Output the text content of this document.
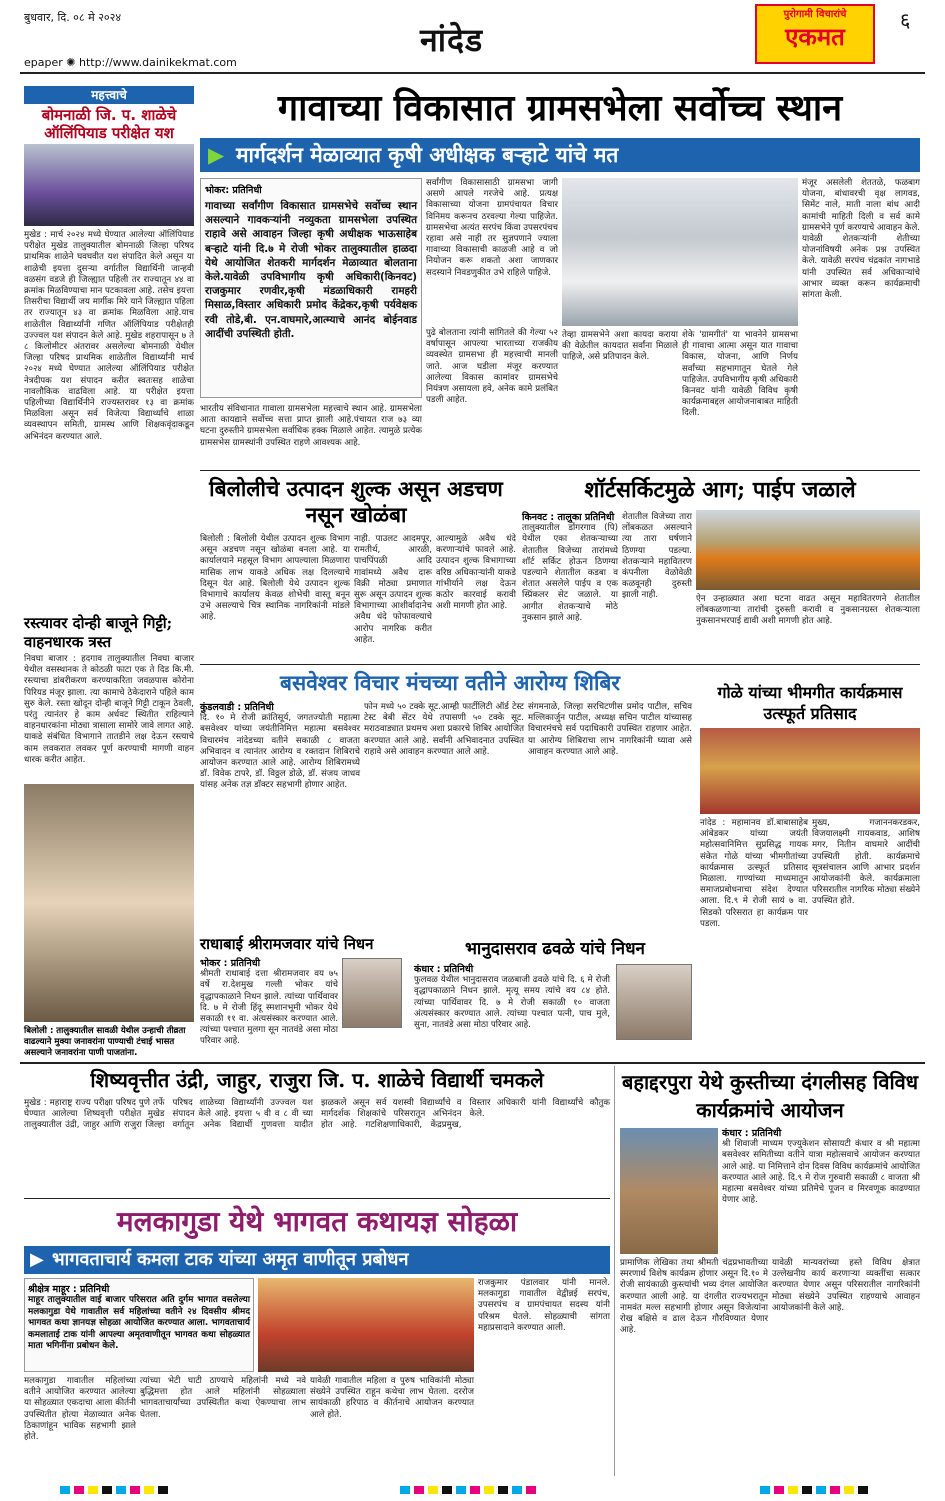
बुधवार, दि. ०८ मे २०२४
epaper ✺ http://www.dainikekmat.com
नांदेड
पुरोगामी विचारांचे
एकमत
६
महत्त्वाचे
बोमनाळी जि. प. शाळेचे ऑलिंपियाड परीक्षेत यश
मुखेड : मार्च २०२४ मध्ये घेण्यात आलेल्या ऑलिंपियाड परीक्षेत मुखेड तालुक्यातील बोमनाळी जिल्हा परिषद प्राथमिक शाळेने घवघवीत यश संपादित केले असून या शाळेची इयत्ता दुसऱ्या वर्गातील विद्यार्थिनी जान्हवी वळसंग वडजे ही जिल्ह्यात पहिली तर राज्यातून ४४ वा क्रमांक मिळविण्याचा मान पटकावला आहे. तसेच इयत्ता तिसरीचा विद्यार्थी जय मार्गीक मिरे याने जिल्ह्यात पहिला तर राज्यातून ४३ वा क्रमांक मिळविला आहे.याच शाळेतील विद्यार्थ्यांनी गणित ऑलिंपियाड परीक्षेतही उज्ज्वल यश संपादन केले आहे. मुखेड शहरापासून ७ ते ८ किलोमीटर अंतरावर असलेल्या बोमनाळी येथील जिल्हा परिषद प्राथमिक शाळेतील विद्यार्थ्यांनी मार्च २०२४ मध्ये घेण्यात आलेल्या ऑलिंपियाड परीक्षेत नेत्रदीपक यश संपादन करीत स्वतःसह शाळेचा नावलौकिक वाढविला आहे. या परीक्षेत इयत्ता पहिलीच्या विद्यार्थिनीने राज्यस्तरावर १३ वा क्रमांक मिळविला असून सर्व विजेत्या विद्यार्थ्यांचे शाळा व्यवस्थापन समिती, ग्रामस्थ आणि शिक्षकवृंदाकडून अभिनंदन करण्यात आले.
रस्त्यावर दोन्ही बाजूने गिट्टी; वाहनधारक त्रस्त
निवघा बाजार : हदगाव तालुक्यातील निवघा बाजार येथील वसस्थानक ते कोठळी फाटा एक ते दिड कि.मी. रस्त्याचा डांबरीकरण करण्याकरिता जवळपास कोरोना पिरियड मंजूर झाला. त्या कामाचे ठेकेदाराने पहिले काम सुरु केले. रस्ता खोदून दोन्ही बाजूने गिट्टी टाकून ठेवली, परंतु त्यानंतर हे काम अर्धवट स्थितीत राहिल्याने वाहनधारकांना मोठ्या त्रासाला सामोरे जावे लागत आहे. याकडे संबंधित विभागाने तातडीने लक्ष देऊन रस्त्याचे काम लवकरात लवकर पूर्ण करण्याची मागणी वाहन धारक करीत आहेत.
गावाच्या विकासात ग्रामसभेला सर्वोच्च स्थान
▶ मार्गदर्शन मेळाव्यात कृषी अधीक्षक बऱ्हाटे यांचे मत
भोकर: प्रतिनिधी
गावाच्या सर्वांगीण विकासात ग्रामसभेचे सर्वोच्च स्थान असल्याने गावकऱ्यांनी नव्युकता ग्रामसभेला उपस्थित राहावे असे आवाहन जिल्हा कृषी अधीक्षक भाऊसाहेब बऱ्हाटे यांनी दि.७ मे रोजी भोकर तालुक्यातील हाळदा येथे आयोजित शेतकरी मार्गदर्शन मेळाव्यात बोलताना केले.यावेळी उपविभागीय कृषी अधिकारी(किनवट) राजकुमार रणवीर,कृषी मंडळाधिकारी रामहरी मिसाळ,विस्तार अधिकारी प्रमोद केंद्रेकर,कृषी पर्यवेक्षक रवी तोडे,बी. एन.वाघमारे,आत्म्याचे आनंद बोईनवाड आदींची उपस्थिती होती.
भारतीय संविधानात गावाला ग्रामसभेला महत्त्वाचे स्थान आहे. ग्रामसभेला आता कायद्याने सर्वोच्च सत्ता प्राप्त झाली आहे.पंचायत राज ७३ व्या घटना दुरुस्तीने ग्रामसभेला सर्वाधिक हक्क मिळाले आहेत. त्यामुळे प्रत्येक ग्रामसभेस ग्रामस्थांनी उपस्थित राहणे आवश्यक आहे.
सर्वांगीण विकासासाठी ग्रामसभा जागी असणे आपले गरजेचे आहे. प्रत्यक्ष विकासाच्या योजना ग्रामपंचायत विचार विनिमय करूनच ठरवल्या गेल्या पाहिजेत. ग्रामसभेचा अत्यंत सरपंच किंवा उपसरपंचच रहावा असे नाही तर सुज्ञपणाने ज्याला गावाच्या विकासाची काळजी आहे व जो नियोजन करू शकतो अशा जाणकार सदस्याने निवडणुकीत उभे राहिले पाहिजे.
पुढे बोलताना त्यांनी सांगितले की गेल्या ५२ वर्षापासून आपल्या भारताच्या राजकीय व्यवस्थेत ग्रामसभा ही महत्त्वाची मानली जाते. आज घडीला मंजूर करण्यात आलेल्या विकास कामांवर ग्रामसभेचे नियंत्रण असायला हवे, अनेक कामे प्रलंबित पडली आहेत.
तेव्हा ग्रामसभेने अशा कायदा कराया की वेळेतील कायदात सर्वांना मिळाले पाहिजे, असे प्रतिपादन केले.
शेके 'ग्रामगीतं' या भावनेने ग्रामसभा ही गावाचा आत्मा असून यात गावाचा विकास, योजना, आणि निर्णय सर्वांच्या सहभागातून घेतले गेले पाहिजेत. उपविभागीय कृषी अधिकारी किनवट यांनी यावेळी विविध कृषी कार्यक्रमाबद्दल आयोजनाबाबत माहिती दिली.
मंजूर असलेली शेततळे, फळबाग योजना, बांधावरची वृक्ष लागवड, सिमेंट नाले, माती नाला बांध आदी कामांची माहिती दिली व सर्व कामे ग्रामसभेने पूर्ण करण्याचे आवाहन केले. यावेळी शेतकऱ्यांनी शेतीच्या योजनांविषयी अनेक प्रश्न उपस्थित केले. यावेळी सरपंच चंद्रकांत नागभाडे यांनी उपस्थित सर्व अधिकाऱ्यांचे आभार व्यक्त करून कार्यक्रमाची सांगता केली.
बिलोलीचे उत्पादन शुल्क असून अडचण नसून खोळंबा
बिलोली : बिलोली येथील उत्पादन शुल्क विभाग असून अडचण नसून खोळंबा बनला आहे. या कार्यालयाने महसूल विभाग आपल्याला मिळणारा मासिक लाभ याकडे अधिक लक्ष दिलल्याचे दिसून येत आहे. बिलोली येथे उत्पादन शुल्क विभागाचे कार्यालय केवळ शोभेची वास्तू बनून उभे असल्याचे चित्र स्थानिक नागरिकांनी मांडले आहे.
नाही. पाउलट आदमपूर, रामतीर्थ, आरळी, पाचपिंपळी आदि गावांमध्ये अवैध दारू विक्री मोठ्या प्रमाणात सुरू असून उत्पादन शुल्क विभागाच्या आशीर्वादानेच अवैध धंदे फोफावल्याचे आरोप नागरिक करीत आहेत.
आल्यामुळे अवैध धंदे करणाऱ्यांचे फावले आहे. उत्पादन शुल्क विभागाच्या वरिष्ठ अधिकाऱ्यांनी याकडे गांभीर्याने लक्ष देऊन कठोर कारवाई करावी अशी मागणी होत आहे.
शॉर्टसर्किटमुळे आग; पाईप जळाले
किनवट : तालुका प्रतिनिधी
तालुक्यातील डोंगरगाव (पि) येथील एका शेतकऱ्याच्या शेतातील विजेच्या तारांमध्ये शॉर्ट सर्किट होऊन ठिणग्या पडल्याने शेतातील कडबा व शेतात असलेले पाईप व एक स्प्रिंकलर सेट जळाले. या आगीत शेतकऱ्याचे मोठे नुकसान झाले आहे.
शेतातील विजेच्या तारा लोंबकळत असल्याने त्या तारा घर्षणाने ठिणग्या पडल्या. शेतकऱ्याने महावितरण कंपनीला वेळोवेळी कळवूनही दुरुस्ती झाली नाही.	ऐन उन्हाळ्यात अशा घटना वाढत असून महावितरणने शेतातील लोंबकळणाऱ्या तारांची दुरुस्ती करावी व नुकसानग्रस्त शेतकऱ्याला नुकसानभरपाई द्यावी अशी मागणी होत आहे.
बसवेश्वर विचार मंचच्या वतीने आरोग्य शिबिर
कुंडलवाडी : प्रतिनिधी
दि. १० मे रोजी क्रांतिसूर्य, जगतज्योती महात्मा बसवेश्वर यांच्या जयंतीनिमित्त महात्मा बसवेश्वर विचारमंच नांदेडच्या वतीने सकाळी ८ वाजता अभिवादन व त्यानंतर आरोग्य व रक्तदान शिबिराचे आयोजन करण्यात आले आहे. आरोग्य शिबिरामध्ये डॉ. विवेक टापरे, डॉ. विठ्ठल डोळे, डॉ. संजय जाधव यांसह अनेक तज्ञ डॉक्टर सहभागी होणार आहेत.
फोन मध्ये ५० टक्के सूट.आम्ही फार्टीलिटी ऑर्ड टेस्ट टेस्ट बेबी सेंटर येथे तपासणी ५० टक्के सूट. मराठवाड्यात प्रथमच अशा प्रकारचे शिबिर आयोजित करण्यात आले आहे. सर्वांनी अभिवादनात उपस्थित राहावे असे आवाहन करण्यात आले आहे.
संगमनाळे, जिल्हा सरचिटणीस प्रमोद पाटील, सचिव मल्लिकार्जुन पाटील, अध्यक्ष सचिन पाटील यांच्यासह विचारमंचचे सर्व पदाधिकारी उपस्थित राहणार आहेत. या आरोग्य शिबिराचा लाभ नागरिकांनी घ्यावा असे आवाहन करण्यात आले आहे.
गोळे यांच्या भीमगीत कार्यक्रमास उत्स्फूर्त प्रतिसाद
नांदेड : महामानव डॉ.बाबासाहेब आंबेडकर यांच्या जयंती महोत्सवानिमित्त सुप्रसिद्ध गायक संकेत गोळे यांच्या भीमगीतांच्या कार्यक्रमास उत्स्फूर्त प्रतिसाद मिळाला. गाण्यांच्या माध्यमातून समाजप्रबोधनाचा संदेश देण्यात आला. दि.९ मे रोजी सायं ७ वा. सिडको परिसरात हा कार्यक्रम पार पडला.
मुख्य, गजाननकरडकर, विजयालक्ष्मी गायकवाड, आशिष मगर, नितीन वाघमारे आदींची उपस्थिती होती. कार्यक्रमाचे सूत्रसंचालन आणि आभार प्रदर्शन आयोजकांनी केले. कार्यक्रमाला परिसरातील नागरिक मोठ्या संख्येने उपस्थित होते.
राधाबाई श्रीरामजवार यांचे निधन
भोकर : प्रतिनिधी
श्रीमती राधाबाई दत्ता श्रीरामजवार वय ७५ वर्षे रा.देशमुख गल्ली भोकर यांचे वृद्धापकाळाने निधन झाले. त्यांच्या पार्थिवावर दि. ७ मे रोजी हिंदू स्मशानभूमी भोकर येथे सकाळी ११ वा. अंत्यसंस्कार करण्यात आले. त्यांच्या पश्चात मुलगा सून नातवंडे असा मोठा परिवार आहे.
भानुदासराव ढवळे यांचे निधन
कंधार : प्रतिनिधी
फुलवळ येथील भानुदासराव जळबाजी ढवळे यांचे दि. ६ मे रोजी वृद्धापकाळाने निधन झाले. मृत्यू समय त्यांचे वय ८४ होते. त्यांच्या पार्थिवावर दि. ७ मे रोजी सकाळी १० वाजता अंत्यसंस्कार करण्यात आले. त्यांच्या पश्चात पत्नी, पाच मुले, सुना, नातवंडे असा मोठा परिवार आहे.
बिलोली : तालुक्यातील सावळी येथील उन्हाची तीव्रता वाढल्याने मुक्या जनावरांना पाण्याची टंचाई भासत असल्याने जनावरांना पाणी पाजतांना.
शिष्यवृत्तीत उंद्री, जाहुर, राजुरा जि. प. शाळेचे विद्यार्थी चमकले
मुखेड : महाराष्ट्र राज्य परीक्षा परिषद पुणे तर्फे घेण्यात आलेल्या शिष्यवृत्ती परीक्षेत मुखेड तालुक्यातील उंद्री, जाहुर आणि राजुरा जिल्हा परिषद शाळेच्या विद्यार्थ्यांनी उज्ज्वल यश संपादन केले आहे. इयत्ता ५ वी व ८ वी च्या वर्गातून अनेक विद्यार्थी गुणवत्ता यादीत झळकले असून सर्व यशस्वी विद्यार्थ्यांचे व मार्गदर्शक शिक्षकांचे परिसरातून अभिनंदन होत आहे. गटशिक्षणाधिकारी, केंद्रप्रमुख, विस्तार अधिकारी यांनी विद्यार्थ्यांचे कौतुक केले.
बहाद्दरपुरा येथे कुस्तीच्या दंगलीसह विविध कार्यक्रमांचे आयोजन
कंधार : प्रतिनिधी
श्री शिवाजी माध्यम एज्युकेशन सोसायटी कंधार व श्री महात्मा बसवेश्वर समितीच्या वतीने यात्रा महोत्सवाचे आयोजन करण्यात आले आहे. या निमित्ताने दोन दिवस विविध कार्यक्रमांचे आयोजित करण्यात आले आहे. दि.९ मे रोज गुरुवारी सकाळी ८ वाजता श्री महात्मा बसवेश्वर यांच्या प्रतिमेचे पूजन व मिरवणूक काढण्यात येणार आहे.
प्रामाणिक लेखिका तथा श्रीमती चंद्रप्रभावतीच्या स्मरणार्थ विशेष कार्यक्रम होणार असून दि.१० मे रोजी सायंकाळी कुस्त्यांची भव्य दंगल आयोजित करण्यात आली आहे. या दंगलीत राज्यभरातून नामवंत मल्ल सहभागी होणार असून विजेत्यांना रोख बक्षिसे व ढाल देऊन गौरविण्यात येणार आहे.
यावेळी मान्यवरांच्या हस्ते विविध क्षेत्रात उल्लेखनीय कार्य करणाऱ्या व्यक्तींचा सत्कार करण्यात येणार असून परिसरातील नागरिकांनी मोठ्या संख्येने उपस्थित राहण्याचे आवाहन आयोजकांनी केले आहे.
मलकागुडा येथे भागवत कथायज्ञ सोहळा
▶ भागवताचार्य कमला टाक यांच्या अमृत वाणीतून प्रबोधन
श्रीक्षेत्र माहूर : प्रतिनिधी
माहूर तालुक्यातील वाई बाजार परिसरात अति दुर्गम भागात वसलेल्या मलकागुडा येथे गावातील सर्व महिलांच्या वतीने २४ दिवसीय श्रीमद भागवत कथा ज्ञानयज्ञ सोहळा आयोजित करण्यात आला. भागवताचार्य कमलाताई टाक यांनी आपल्या अमृतवाणीतून भागवत कथा सोहळ्यात माता भगिनींना प्रबोधन केले.
राजकुमार पंडालवार यांनी मानले. मलकागुडा गावातील वेद्वीन्नई सरपंच, उपसरपंच व ग्रामपंचायत सदस्य यांनी परिश्रम घेतले. सोहळ्याची सांगता महाप्रसादाने करण्यात आली.
मलकागुडा गावातील महिलांच्या वतीने आयोजित करण्यात आलेल्या या सोहळ्यात एकदाचा आला कीर्तनी उपस्थितीत होत्या मेळाव्यात अनेक ठिकाणांहून भाविक सहभागी झाले होते.
त्यांच्या भेटी घाटी ठाण्याचे महिलांनी मध्ये नवे बुद्धिमत्ता होत आले महिलांनी सोहळ्याला भागवताचार्यांच्या उपस्थितीत कथा ऐकण्याचा लाभ घेतला.
यावेळी गावातील महिला व पुरुष भाविकांनी मोठ्या संख्येने उपस्थित राहून कथेचा लाभ घेतला. दररोज सायंकाळी हरिपाठ व कीर्तनाचे आयोजन करण्यात आले होते.
